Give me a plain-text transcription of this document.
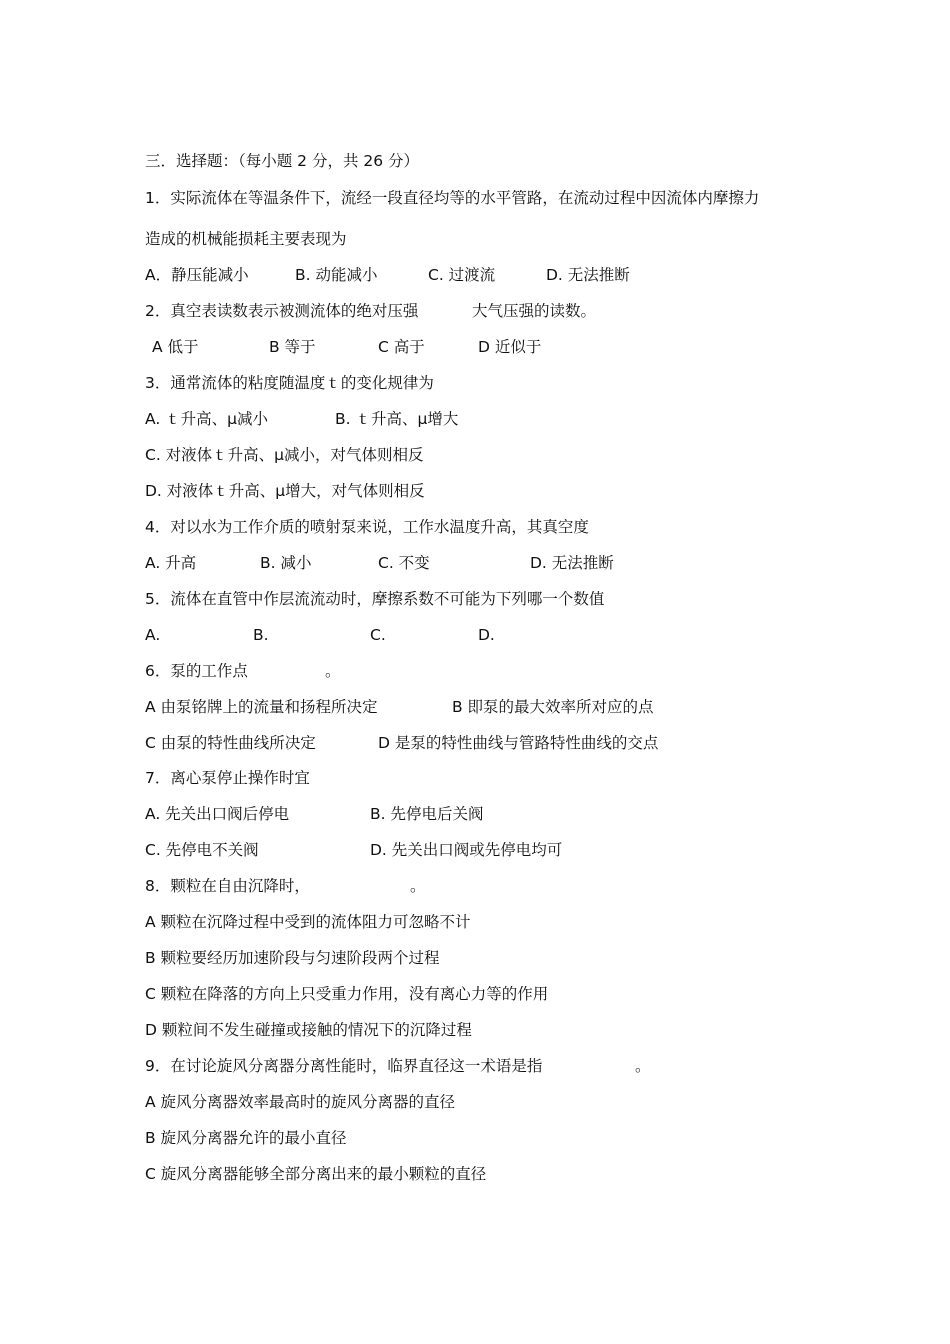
三．选择题：（每小题 2 分，共 26 分）
1．实际流体在等温条件下，流经一段直径均等的水平管路，在流动过程中因流体内摩擦力
造成的机械能损耗主要表现为
A．静压能减小	B. 动能减小	C. 过渡流	D. 无法推断
2．真空表读数表示被测流体的绝对压强	大气压强的读数。
A 低于	B 等于	C 高于	D 近似于
3．通常流体的粘度随温度ｔ的变化规律为
A. ｔ升高、μ减小	B. ｔ升高、μ增大
C. 对液体ｔ升高、μ减小，对气体则相反
D. 对液体ｔ升高、μ增大，对气体则相反
4．对以水为工作介质的喷射泵来说，工作水温度升高，其真空度
A. 升高	B. 减小	C. 不变	D. 无法推断
5．流体在直管中作层流流动时，摩擦系数不可能为下列哪一个数值
A.	B.	C.	D.
6．泵的工作点	。
A 由泵铭牌上的流量和扬程所决定	B 即泵的最大效率所对应的点
C 由泵的特性曲线所决定	D 是泵的特性曲线与管路特性曲线的交点
7．离心泵停止操作时宜
A. 先关出口阀后停电	B. 先停电后关阀
C. 先停电不关阀	D. 先关出口阀或先停电均可
8．颗粒在自由沉降时，	。
A 颗粒在沉降过程中受到的流体阻力可忽略不计
B 颗粒要经历加速阶段与匀速阶段两个过程
C 颗粒在降落的方向上只受重力作用，没有离心力等的作用
D 颗粒间不发生碰撞或接触的情况下的沉降过程
9．在讨论旋风分离器分离性能时，临界直径这一术语是指	。
A 旋风分离器效率最高时的旋风分离器的直径
B 旋风分离器允许的最小直径
C 旋风分离器能够全部分离出来的最小颗粒的直径
